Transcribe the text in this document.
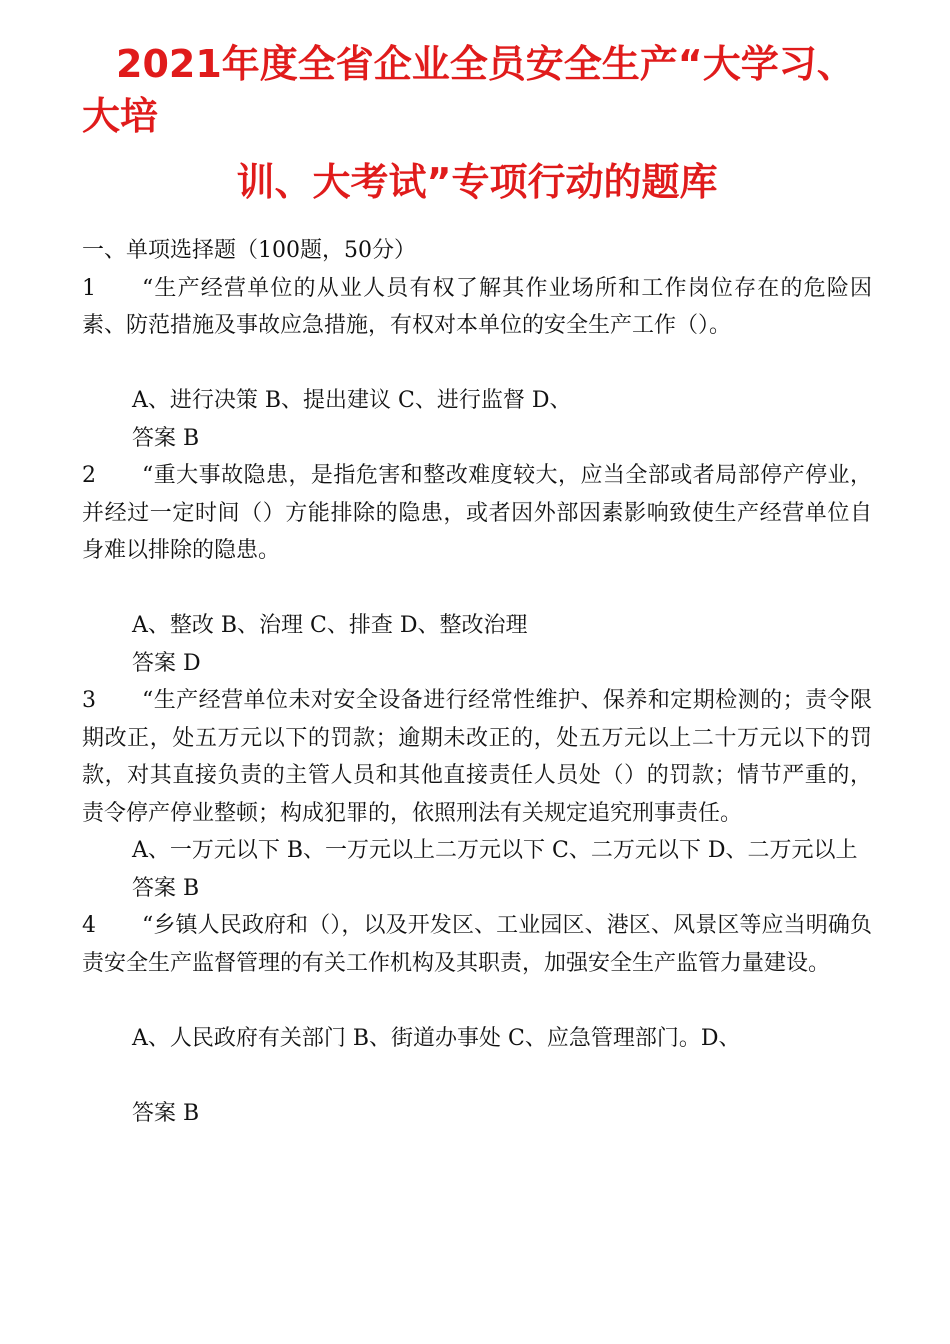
2021年度全省企业全员安全生产“大学习、大培
训、大考试”专项行动的题库

一、单项选择题（100题，50分）

1 “生产经营单位的从业人员有权了解其作业场所和工作岗位存在的危险因素、防范措施及事故应急措施，有权对本单位的安全生产工作（）。

A、进行决策 B、提出建议 C、进行监督 D、

答案 B

2 “重大事故隐患，是指危害和整改难度较大，应当全部或者局部停产停业，并经过一定时间（）方能排除的隐患，或者因外部因素影响致使生产经营单位自身难以排除的隐患。

A、整改 B、治理 C、排查 D、整改治理

答案 D

3 “生产经营单位未对安全设备进行经常性维护、保养和定期检测的；责令限期改正，处五万元以下的罚款；逾期未改正的，处五万元以上二十万元以下的罚款，对其直接负责的主管人员和其他直接责任人员处（）的罚款；情节严重的，责令停产停业整顿；构成犯罪的，依照刑法有关规定追究刑事责任。

A、一万元以下 B、一万元以上二万元以下 C、二万元以下 D、二万元以上

答案 B

4 “乡镇人民政府和（），以及开发区、工业园区、港区、风景区等应当明确负责安全生产监督管理的有关工作机构及其职责，加强安全生产监管力量建设。

A、人民政府有关部门 B、街道办事处 C、应急管理部门。D、

答案 B
